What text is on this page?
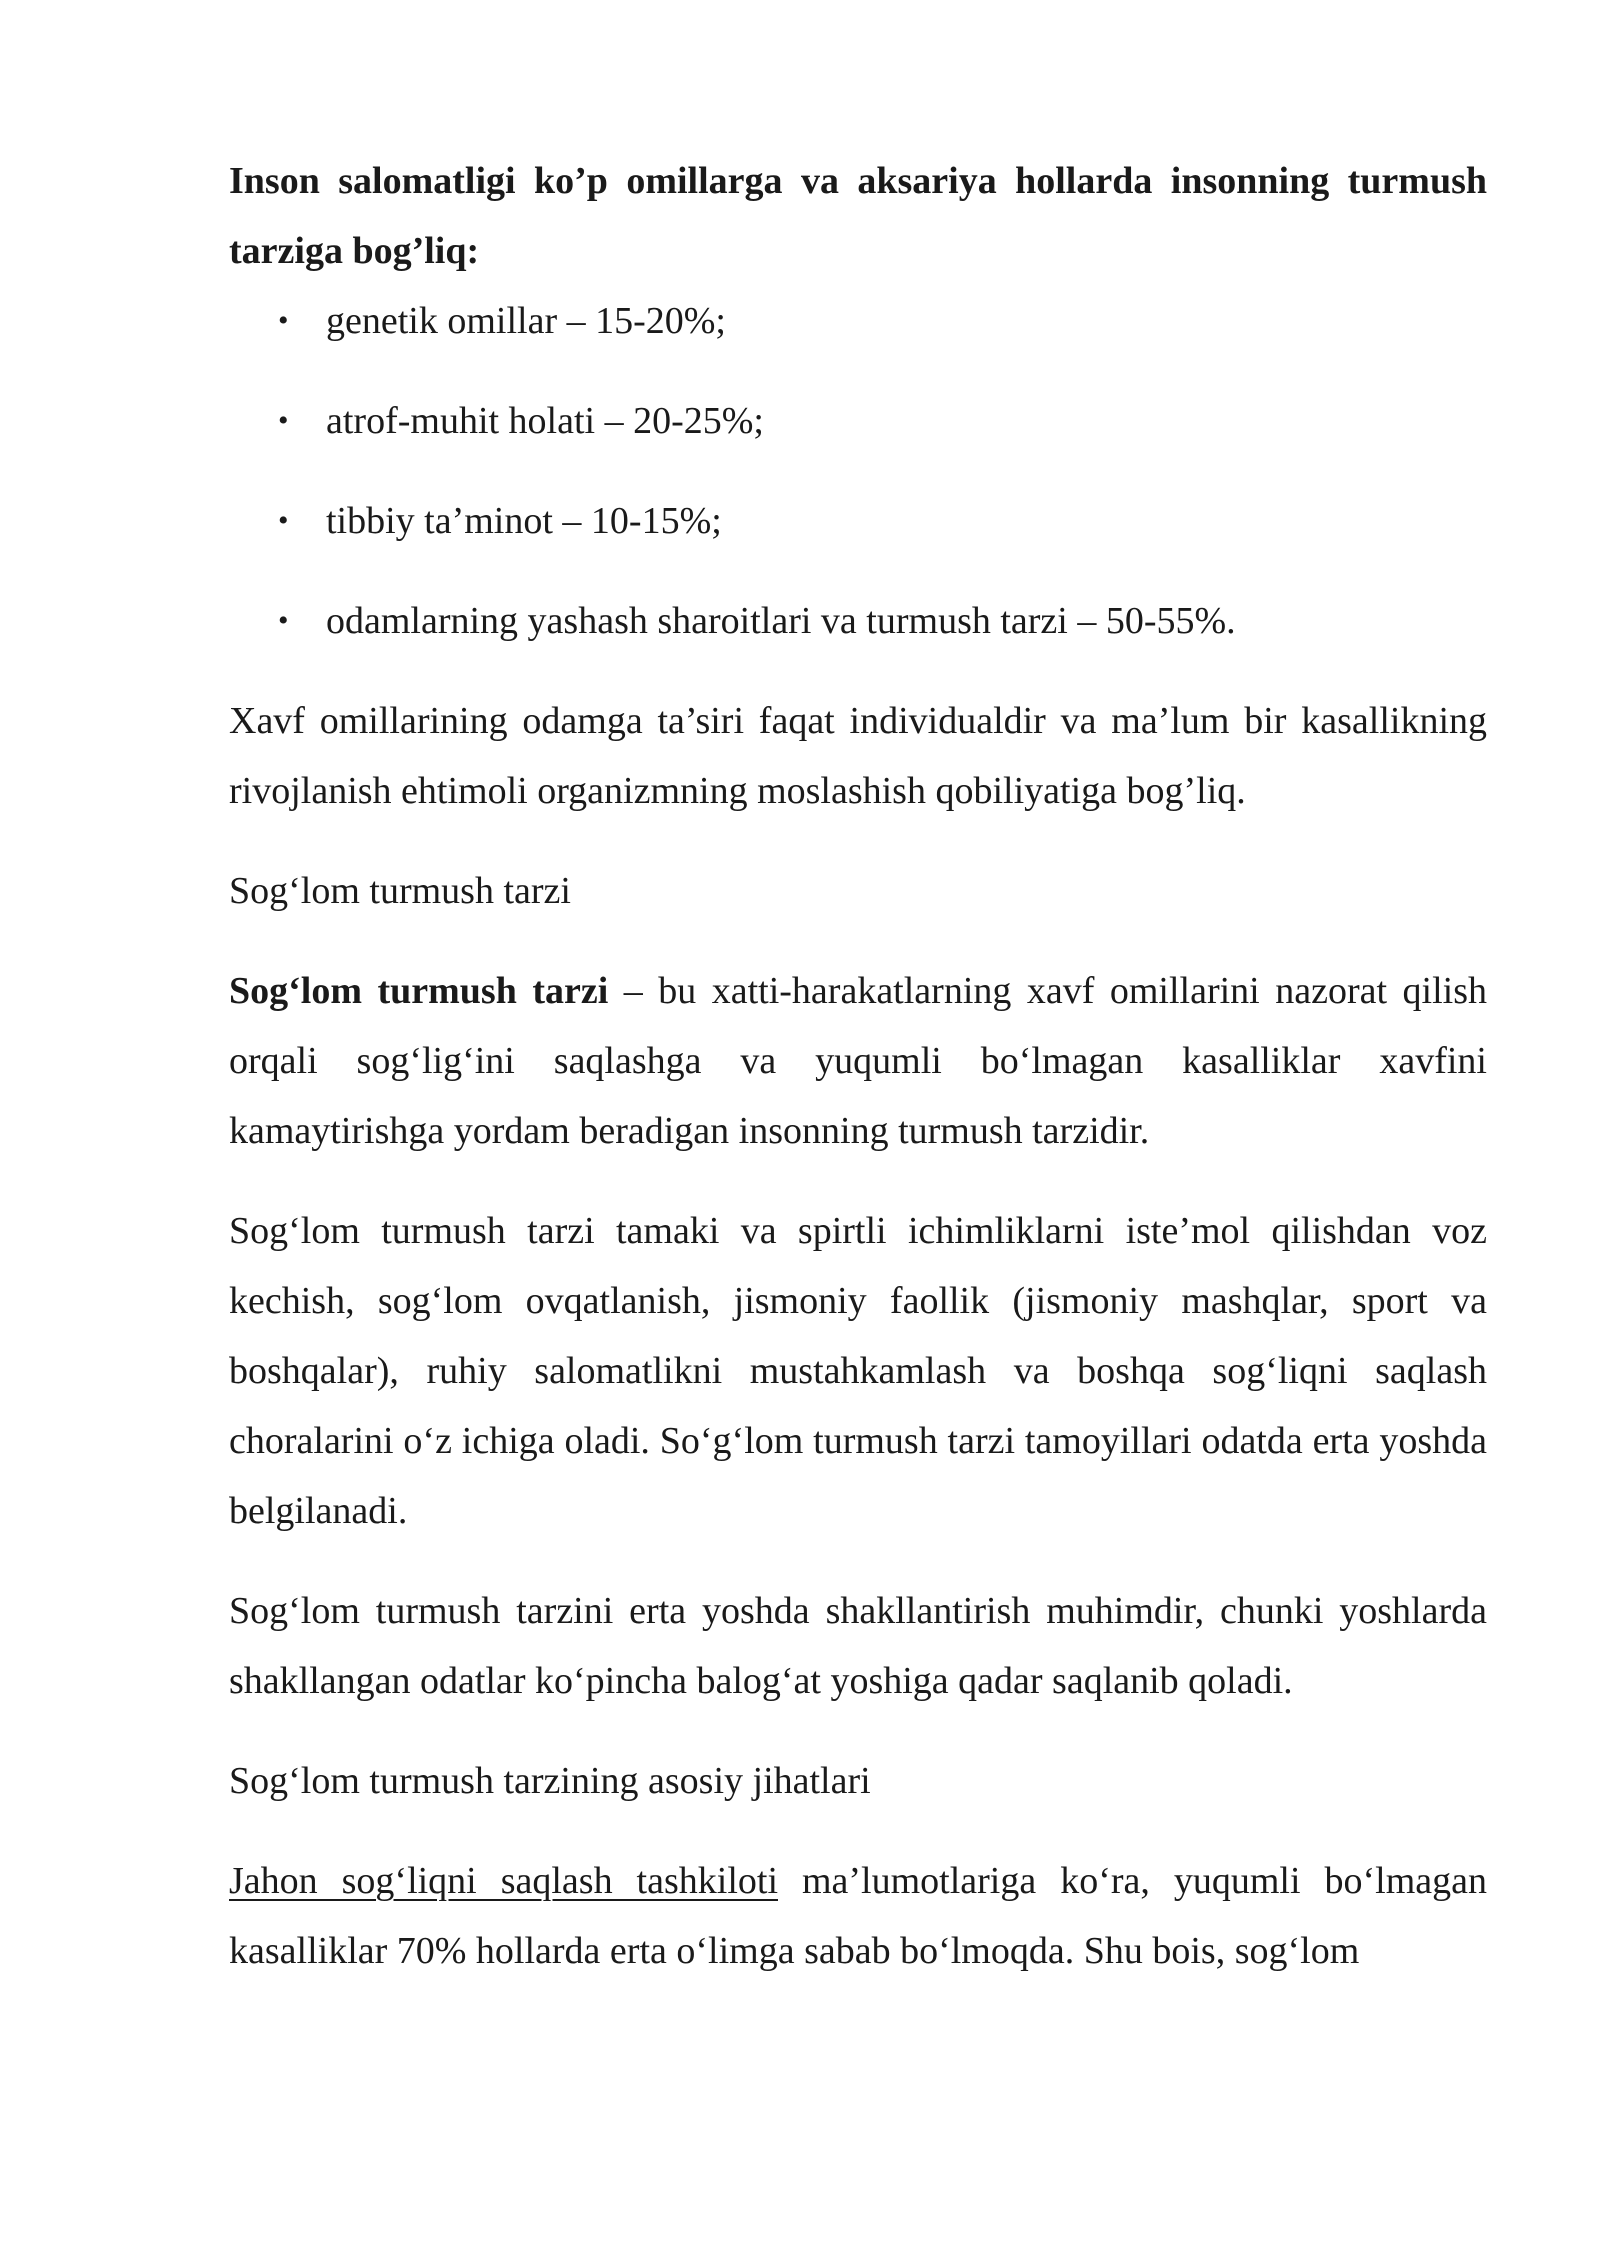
Inson salomatligi ko’p omillarga va aksariya hollarda insonning turmush tarziga bog’liq:

• genetik omillar – 15-20%;
• atrof-muhit holati – 20-25%;
• tibbiy ta’minot – 10-15%;
• odamlarning yashash sharoitlari va turmush tarzi – 50-55%.

Xavf omillarining odamga ta’siri faqat individualdir va ma’lum bir kasallikning rivojlanish ehtimoli organizmning moslashish qobiliyatiga bog’liq.

Sog‘lom turmush tarzi

Sog‘lom turmush tarzi – bu xatti-harakatlarning xavf omillarini nazorat qilish orqali sog‘lig‘ini saqlashga va yuqumli bo‘lmagan kasalliklar xavfini kamaytirishga yordam beradigan insonning turmush tarzidir.

Sog‘lom turmush tarzi tamaki va spirtli ichimliklarni iste’mol qilishdan voz kechish, sog‘lom ovqatlanish, jismoniy faollik (jismoniy mashqlar, sport va boshqalar), ruhiy salomatlikni mustahkamlash va boshqa sog‘liqni saqlash choralarini o‘z ichiga oladi. So‘g‘lom turmush tarzi tamoyillari odatda erta yoshda belgilanadi.

Sog‘lom turmush tarzini erta yoshda shakllantirish muhimdir, chunki yoshlarda shakllangan odatlar ko‘pincha balog‘at yoshiga qadar saqlanib qoladi.

Sog‘lom turmush tarzining asosiy jihatlari

Jahon sog‘liqni saqlash tashkiloti ma’lumotlariga ko‘ra, yuqumli bo‘lmagan kasalliklar 70% hollarda erta o‘limga sabab bo‘lmoqda. Shu bois, sog‘lom
